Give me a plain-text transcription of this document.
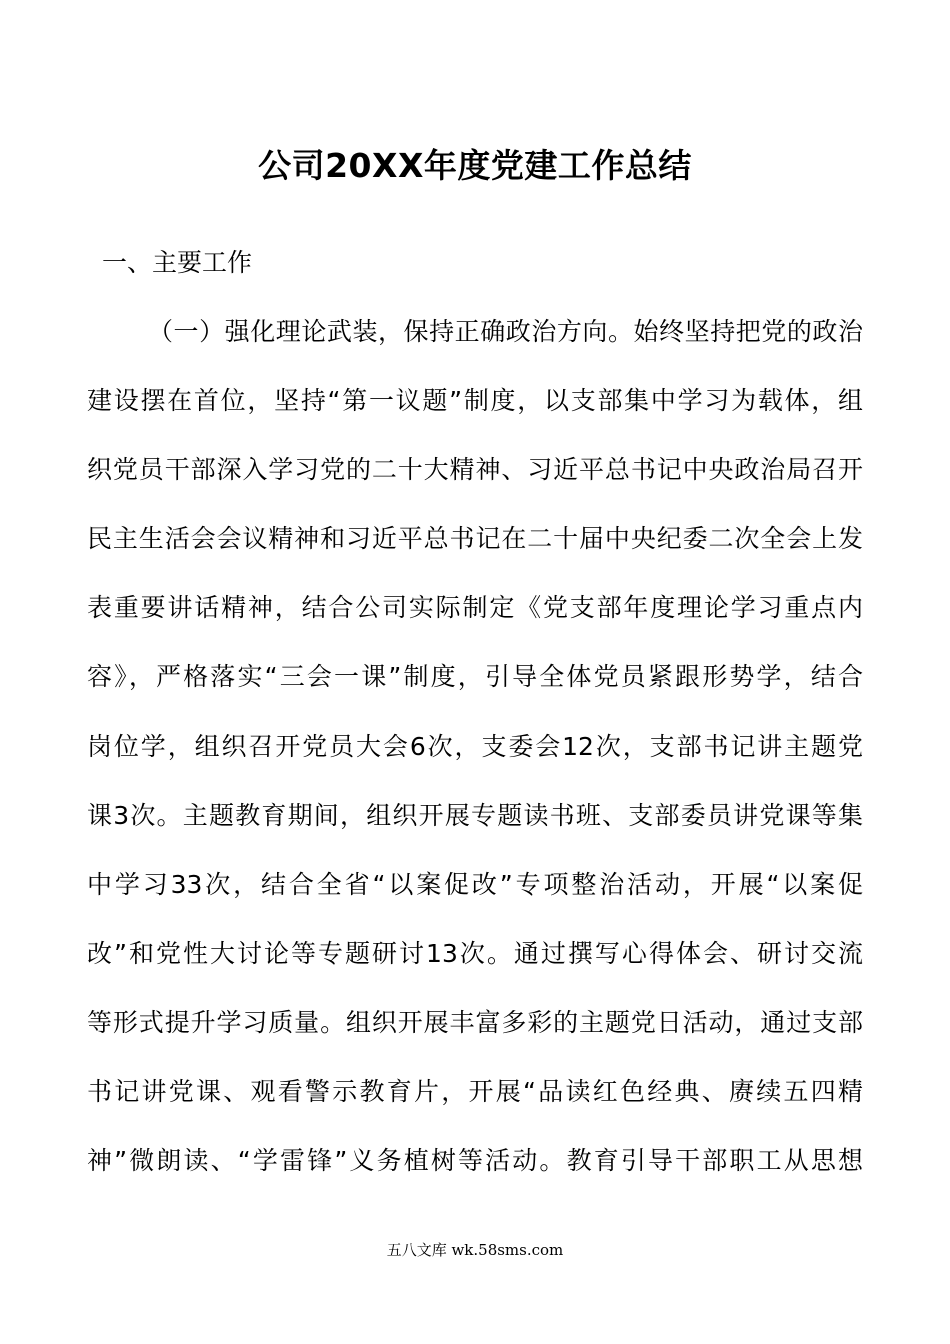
公司20XX年度党建工作总结
一、主要工作
（一）强化理论武装，保持正确政治方向。始终坚持把党的政治
建设摆在首位，坚持“第一议题”制度，以支部集中学习为载体，组
织党员干部深入学习党的二十大精神、习近平总书记中央政治局召开
民主生活会会议精神和习近平总书记在二十届中央纪委二次全会上发
表重要讲话精神，结合公司实际制定《党支部年度理论学习重点内
容》，严格落实“三会一课”制度，引导全体党员紧跟形势学，结合
岗位学，组织召开党员大会6次，支委会12次，支部书记讲主题党
课3次。主题教育期间，组织开展专题读书班、支部委员讲党课等集
中学习33次，结合全省“以案促改”专项整治活动，开展“以案促
改”和党性大讨论等专题研讨13次。通过撰写心得体会、研讨交流
等形式提升学习质量。组织开展丰富多彩的主题党日活动，通过支部
书记讲党课、观看警示教育片，开展“品读红色经典、赓续五四精
神”微朗读、“学雷锋”义务植树等活动。教育引导干部职工从思想
五八文库 wk.58sms.com
